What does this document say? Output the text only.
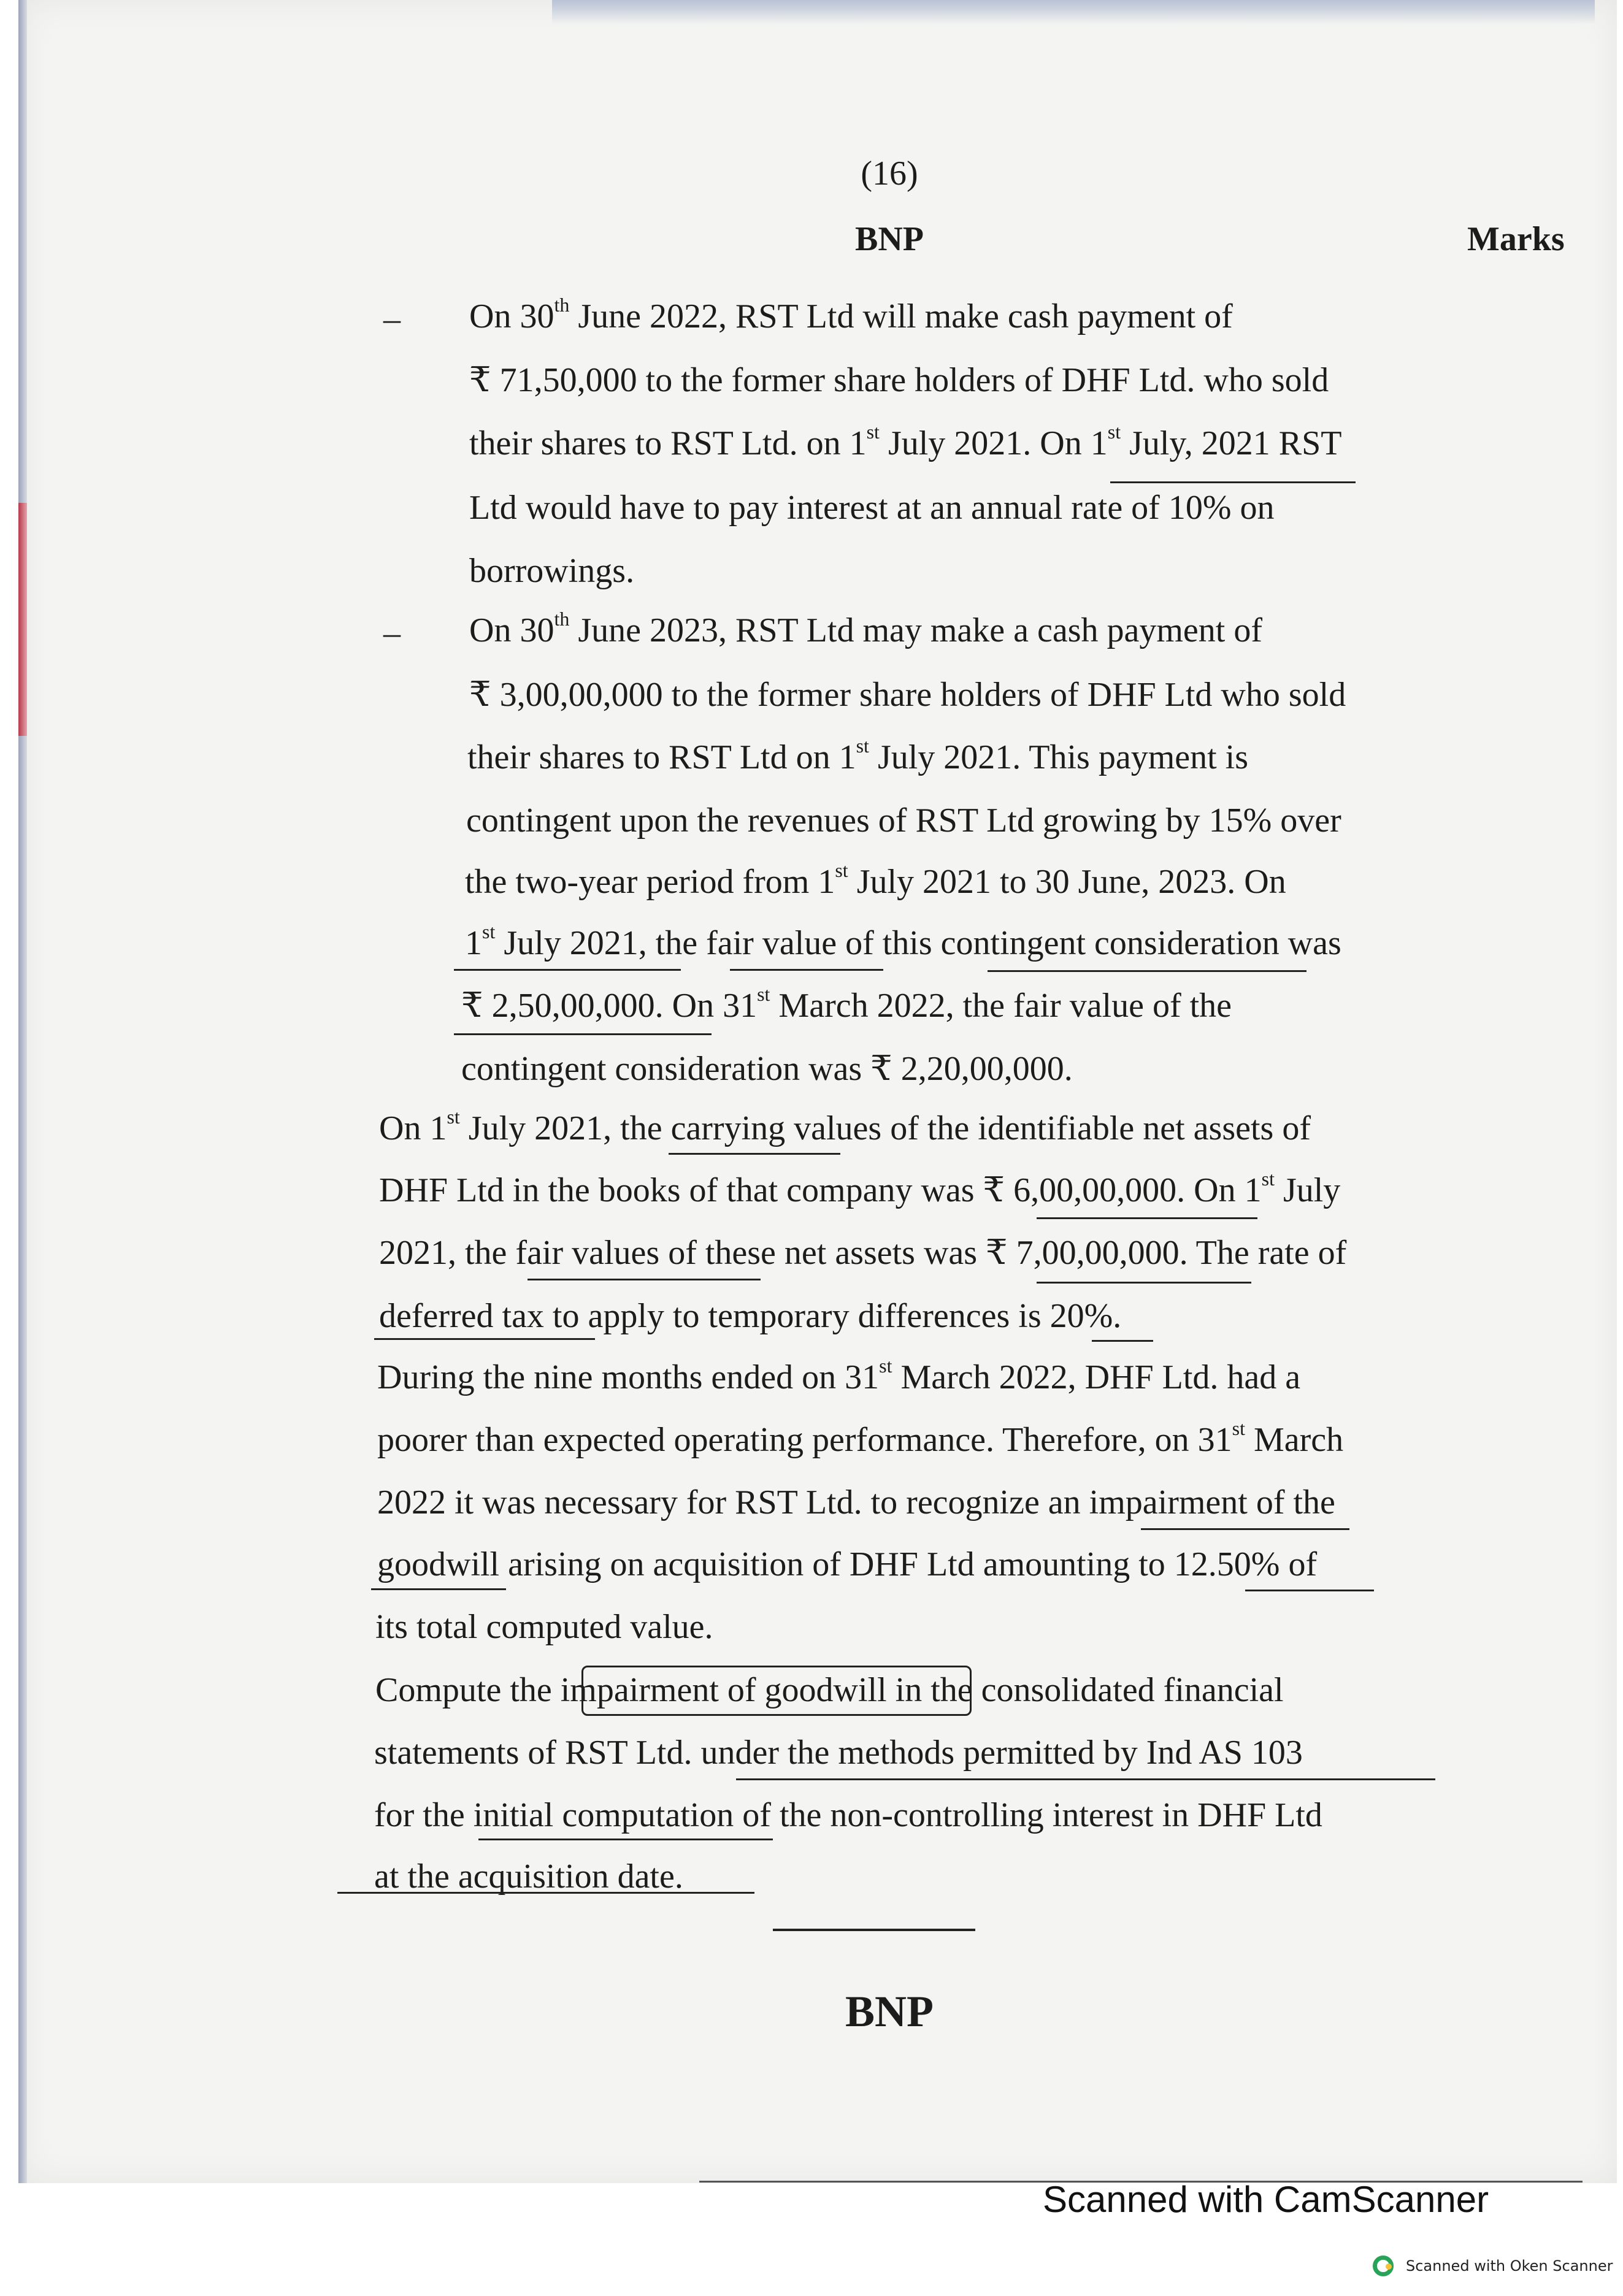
(16)
BNP	Marks
– On 30th June 2022, RST Ltd will make cash payment of
₹ 71,50,000 to the former share holders of DHF Ltd. who sold
their shares to RST Ltd. on 1st July 2021. On 1st July, 2021 RST
Ltd would have to pay interest at an annual rate of 10% on
borrowings.
– On 30th June 2023, RST Ltd may make a cash payment of
₹ 3,00,00,000 to the former share holders of DHF Ltd who sold
their shares to RST Ltd on 1st July 2021. This payment is
contingent upon the revenues of RST Ltd growing by 15% over
the two-year period from 1st July 2021 to 30 June, 2023. On
1st July 2021, the fair value of this contingent consideration was
₹ 2,50,00,000. On 31st March 2022, the fair value of the
contingent consideration was ₹ 2,20,00,000.
On 1st July 2021, the carrying values of the identifiable net assets of
DHF Ltd in the books of that company was ₹ 6,00,00,000. On 1st July
2021, the fair values of these net assets was ₹ 7,00,00,000. The rate of
deferred tax to apply to temporary differences is 20%.
During the nine months ended on 31st March 2022, DHF Ltd. had a
poorer than expected operating performance. Therefore, on 31st March
2022 it was necessary for RST Ltd. to recognize an impairment of the
goodwill arising on acquisition of DHF Ltd amounting to 12.50% of
its total computed value.
Compute the impairment of goodwill in the consolidated financial
statements of RST Ltd. under the methods permitted by Ind AS 103
for the initial computation of the non-controlling interest in DHF Ltd
at the acquisition date.
BNP
Scanned with CamScanner
Scanned with Oken Scanner
